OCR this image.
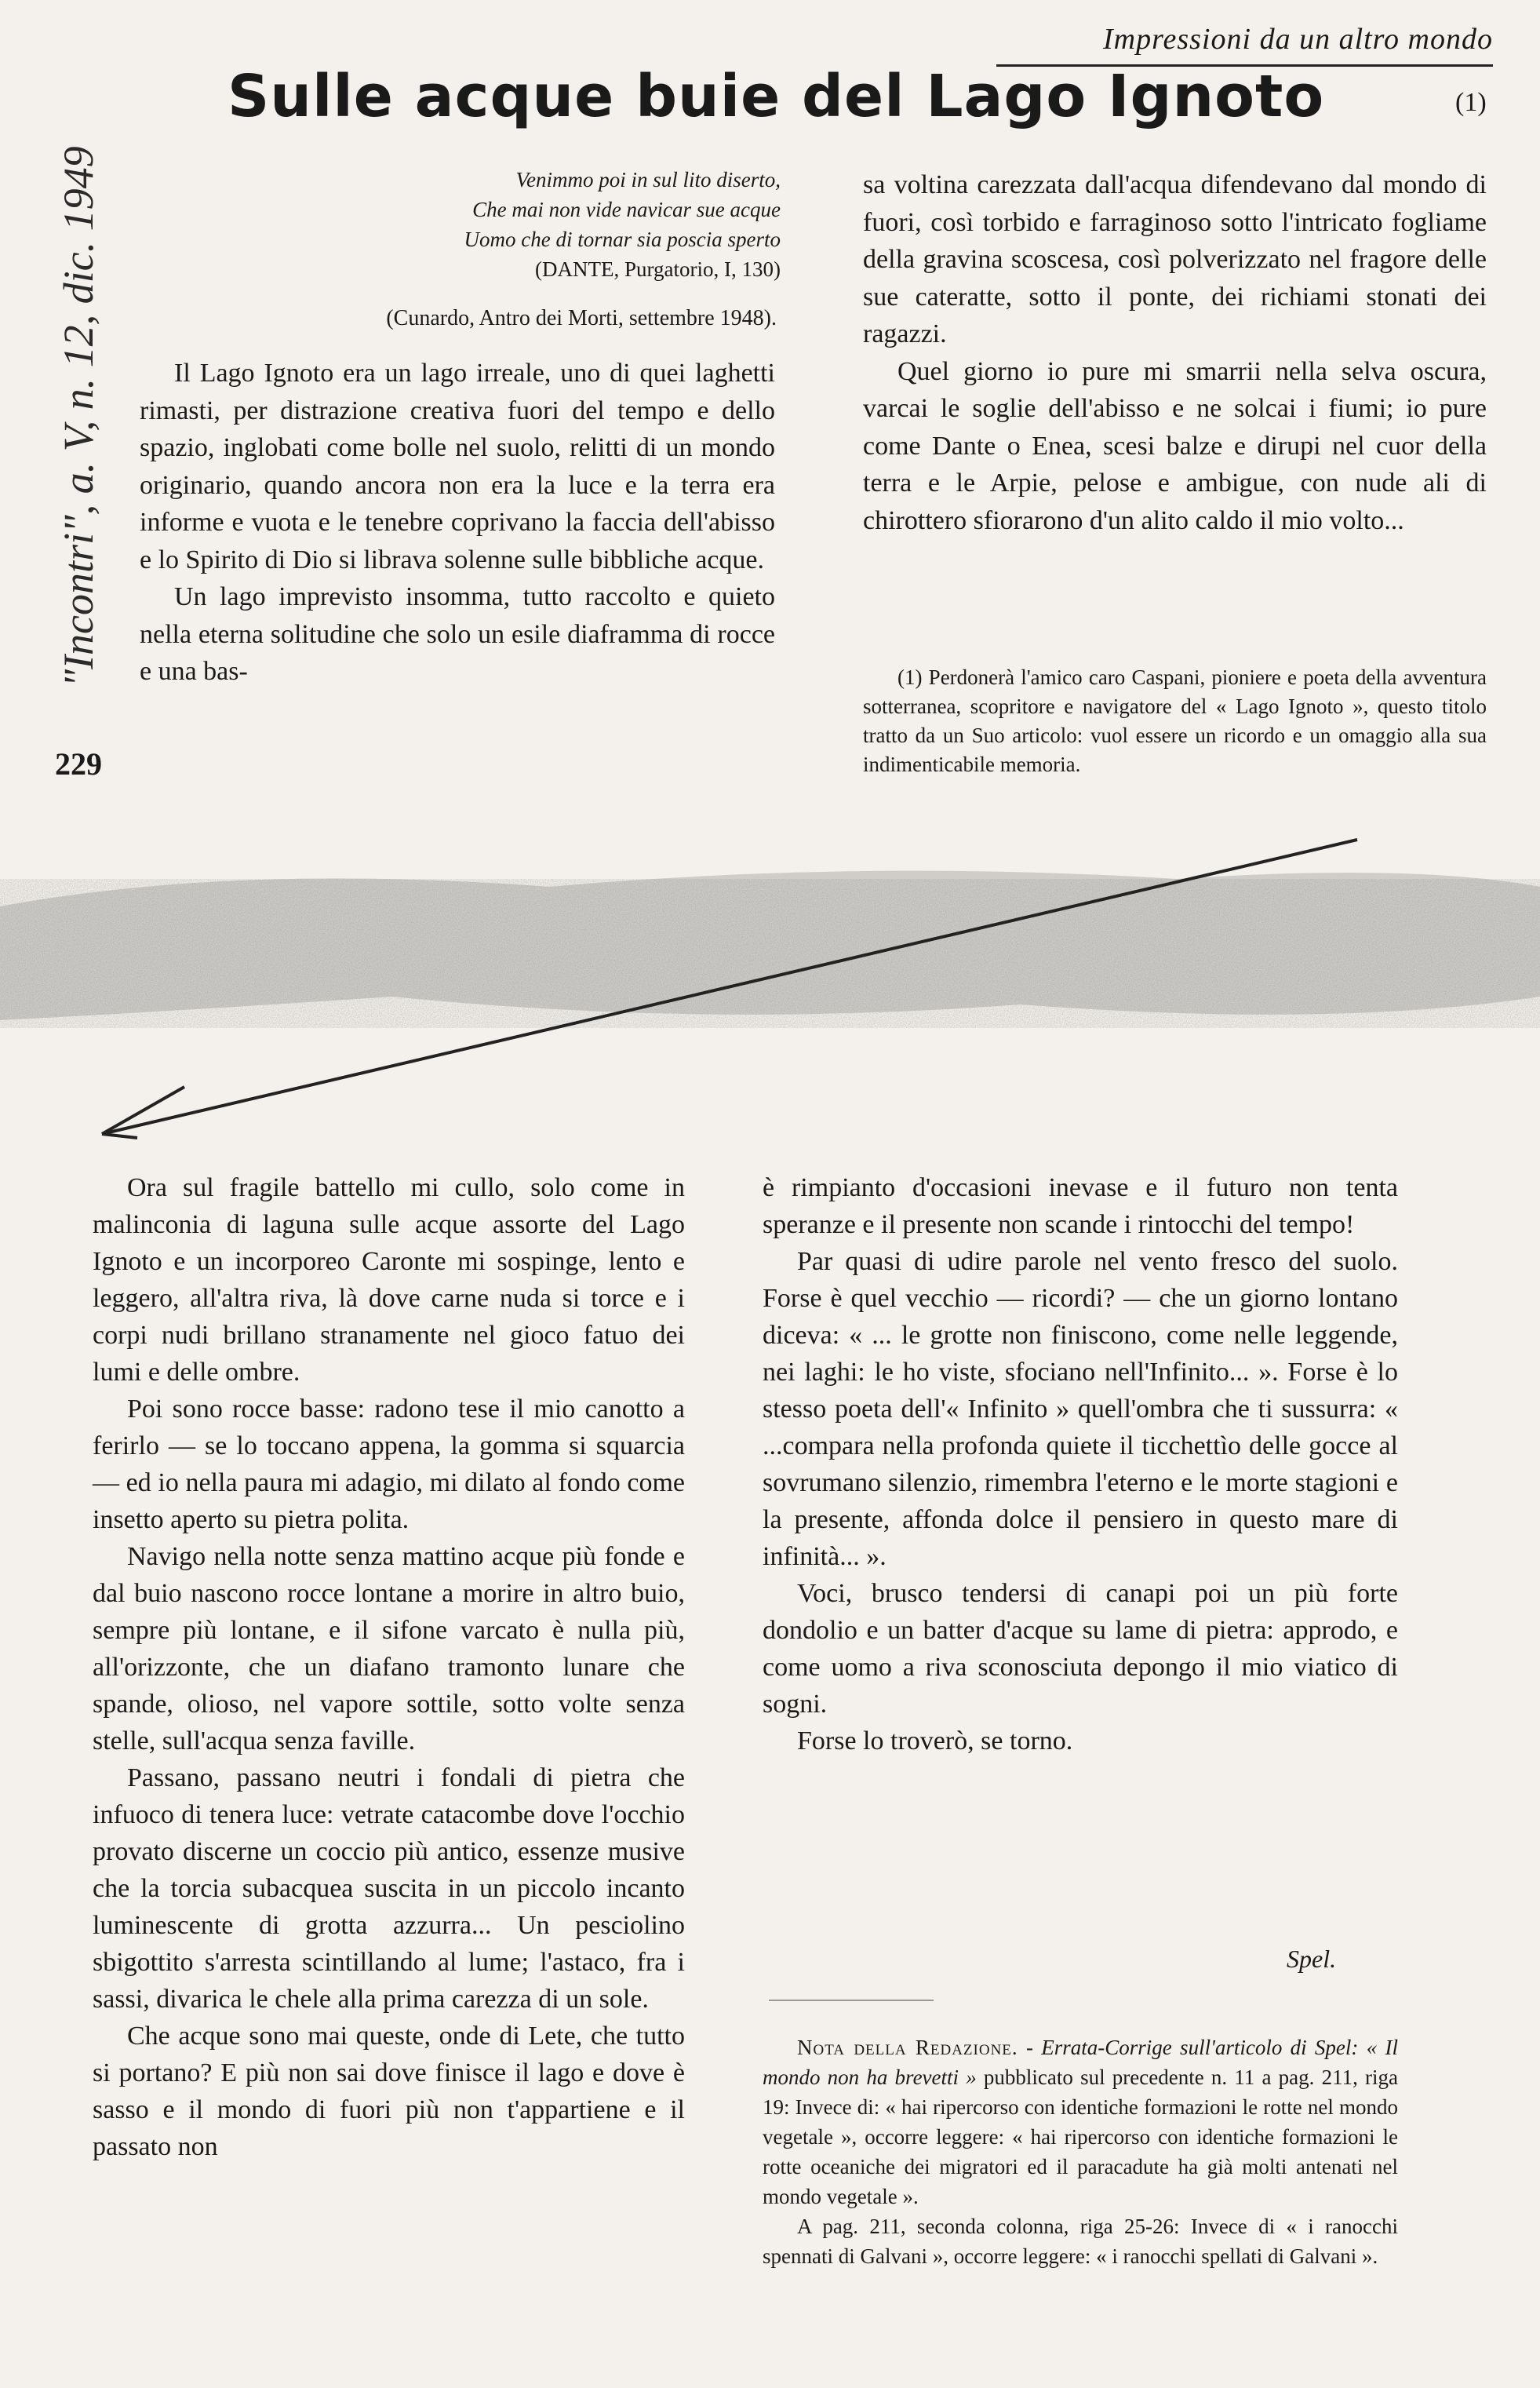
Impressioni da un altro mondo
Sulle acque buie del Lago Ignoto	(1)
"Incontri", a. V, n. 12, dic. 1949
229
Venimmo poi in sul lito diserto,
Che mai non vide navicar sue acque
Uomo che di tornar sia poscia sperto
(DANTE, Purgatorio, I, 130)
(Cunardo, Antro dei Morti, settembre 1948).

Il Lago Ignoto era un lago irreale, uno di quei laghetti rimasti, per distrazione creativa fuori del tempo e dello spazio, inglobati come bolle nel suolo, relitti di un mondo originario, quando ancora non era la luce e la terra era informe e vuota e le tenebre coprivano la faccia dell'abisso e lo Spirito di Dio si librava solenne sulle bibbliche acque.

Un lago imprevisto insomma, tutto raccolto e quieto nella eterna solitudine che solo un esile diaframma di rocce e una bas-

sa voltina carezzata dall'acqua difendevano dal mondo di fuori, così torbido e farraginoso sotto l'intricato fogliame della gravina scoscesa, così polverizzato nel fragore delle sue cateratte, sotto il ponte, dei richiami stonati dei ragazzi.

Quel giorno io pure mi smarrii nella selva oscura, varcai le soglie dell'abisso e ne solcai i fiumi; io pure come Dante o Enea, scesi balze e dirupi nel cuor della terra e le Arpie, pelose e ambigue, con nude ali di chirottero sfiorarono d'un alito caldo il mio volto...

(1) Perdonerà l'amico caro Caspani, pioniere e poeta della avventura sotterranea, scopritore e navigatore del « Lago Ignoto », questo titolo tratto da un Suo articolo: vuol essere un ricordo e un omaggio alla sua indimenticabile memoria.

Ora sul fragile battello mi cullo, solo come in malinconia di laguna sulle acque assorte del Lago Ignoto e un incorporeo Caronte mi sospinge, lento e leggero, all'altra riva, là dove carne nuda si torce e i corpi nudi brillano stranamente nel gioco fatuo dei lumi e delle ombre.

Poi sono rocce basse: radono tese il mio canotto a ferirlo — se lo toccano appena, la gomma si squarcia — ed io nella paura mi adagio, mi dilato al fondo come insetto aperto su pietra polita.

Navigo nella notte senza mattino acque più fonde e dal buio nascono rocce lontane a morire in altro buio, sempre più lontane, e il sifone varcato è nulla più, all'orizzonte, che un diafano tramonto lunare che spande, olioso, nel vapore sottile, sotto volte senza stelle, sull'acqua senza faville.

Passano, passano neutri i fondali di pietra che infuoco di tenera luce: vetrate catacombe dove l'occhio provato discerne un coccio più antico, essenze musive che la torcia subacquea suscita in un piccolo incanto luminescente di grotta azzurra... Un pesciolino sbigottito s'arresta scintillando al lume; l'astaco, fra i sassi, divarica le chele alla prima carezza di un sole.

Che acque sono mai queste, onde di Lete, che tutto si portano? E più non sai dove finisce il lago e dove è sasso e il mondo di fuori più non t'appartiene e il passato non

è rimpianto d'occasioni inevase e il futuro non tenta speranze e il presente non scande i rintocchi del tempo!

Par quasi di udire parole nel vento fresco del suolo. Forse è quel vecchio — ricordi? — che un giorno lontano diceva: « ... le grotte non finiscono, come nelle leggende, nei laghi: le ho viste, sfociano nell'Infinito... ». Forse è lo stesso poeta dell'« Infinito » quell'ombra che ti sussurra: « ...compara nella profonda quiete il ticchettìo delle gocce al sovrumano silenzio, rimembra l'eterno e le morte stagioni e la presente, affonda dolce il pensiero in questo mare di infinità... ».

Voci, brusco tendersi di canapi poi un più forte dondolio e un batter d'acque su lame di pietra: approdo, e come uomo a riva sconosciuta depongo il mio viatico di sogni.

Forse lo troverò, se torno.

Spel.

Nota della Redazione. - Errata-Corrige sull'articolo di Spel: « Il mondo non ha brevetti » pubblicato sul precedente n. 11 a pag. 211, riga 19: Invece di: « hai ripercorso con identiche formazioni le rotte nel mondo vegetale », occorre leggere: « hai ripercorso con identiche formazioni le rotte oceaniche dei migratori ed il paracadute ha già molti antenati nel mondo vegetale ».

A pag. 211, seconda colonna, riga 25-26: Invece di « i ranocchi spennati di Galvani », occorre leggere: « i ranocchi spellati di Galvani ».
